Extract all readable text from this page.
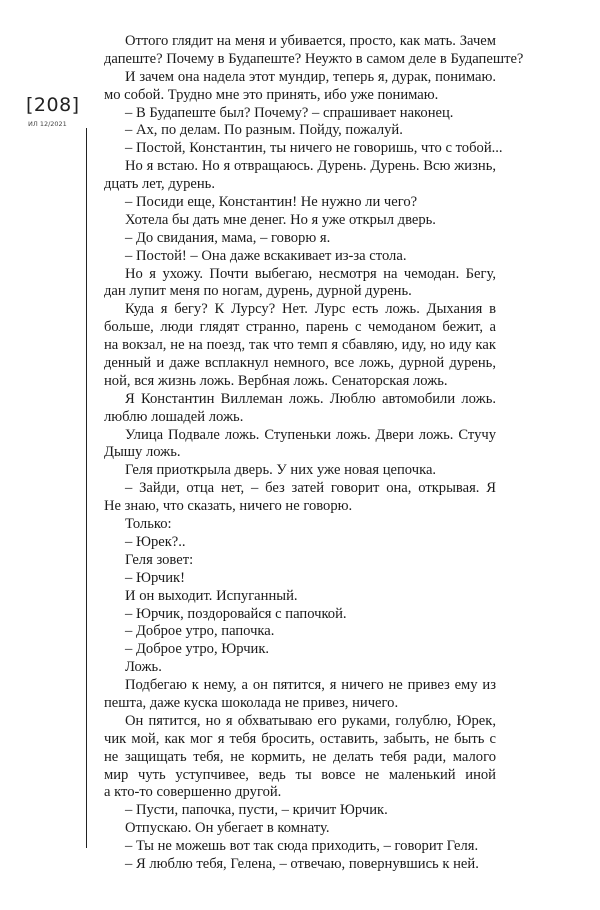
[208]
ИЛ 12/2021
Оттого глядит на меня и убивается, просто, как мать. Зачем
дапеште? Почему в Будапеште? Неужто в самом деле в Будапеште?
И зачем она надела этот мундир, теперь я, дурак, понимаю.
мо собой. Трудно мне это принять, ибо уже понимаю.
– В Будапеште был? Почему? – спрашивает наконец.
– Ах, по делам. По разным. Пойду, пожалуй.
– Постой, Константин, ты ничего не говоришь, что с тобой...
Но я встаю. Но я отвращаюсь. Дурень. Дурень. Всю жизнь,
дцать лет, дурень.
– Посиди еще, Константин! Не нужно ли чего?
Хотела бы дать мне денег. Но я уже открыл дверь.
– До свидания, мама, – говорю я.
– Постой! – Она даже вскакивает из-за стола.
Но я ухожу. Почти выбегаю, несмотря на чемодан. Бегу,
дан лупит меня по ногам, дурень, дурной дурень.
Куда я бегу? К Лурсу? Нет. Лурс есть ложь. Дыхания в
больше, люди глядят странно, парень с чемоданом бежит, а
на вокзал, не на поезд, так что темп я сбавляю, иду, но иду как
денный и даже всплакнул немного, все ложь, дурной дурень,
ной, вся жизнь ложь. Вербная ложь. Сенаторская ложь.
Я Константин Виллеман ложь. Люблю автомобили ложь.
люблю лошадей ложь.
Улица Подвале ложь. Ступеньки ложь. Двери ложь. Стучу
Дышу ложь.
Геля приоткрыла дверь. У них уже новая цепочка.
– Зайди, отца нет, – без затей говорит она, открывая. Я
Не знаю, что сказать, ничего не говорю.
Только:
– Юрек?..
Геля зовет:
– Юрчик!
И он выходит. Испуганный.
– Юрчик, поздоровайся с папочкой.
– Доброе утро, папочка.
– Доброе утро, Юрчик.
Ложь.
Подбегаю к нему, а он пятится, я ничего не привез ему из
пешта, даже куска шоколада не привез, ничего.
Он пятится, но я обхватываю его руками, голублю, Юрек,
чик мой, как мог я тебя бросить, оставить, забыть, не быть с
не защищать тебя, не кормить, не делать тебя ради, малого
мир чуть уступчивее, ведь ты вовсе не маленький иной
а кто-то совершенно другой.
– Пусти, папочка, пусти, – кричит Юрчик.
Отпускаю. Он убегает в комнату.
– Ты не можешь вот так сюда приходить, – говорит Геля.
– Я люблю тебя, Гелена, – отвечаю, повернувшись к ней.
